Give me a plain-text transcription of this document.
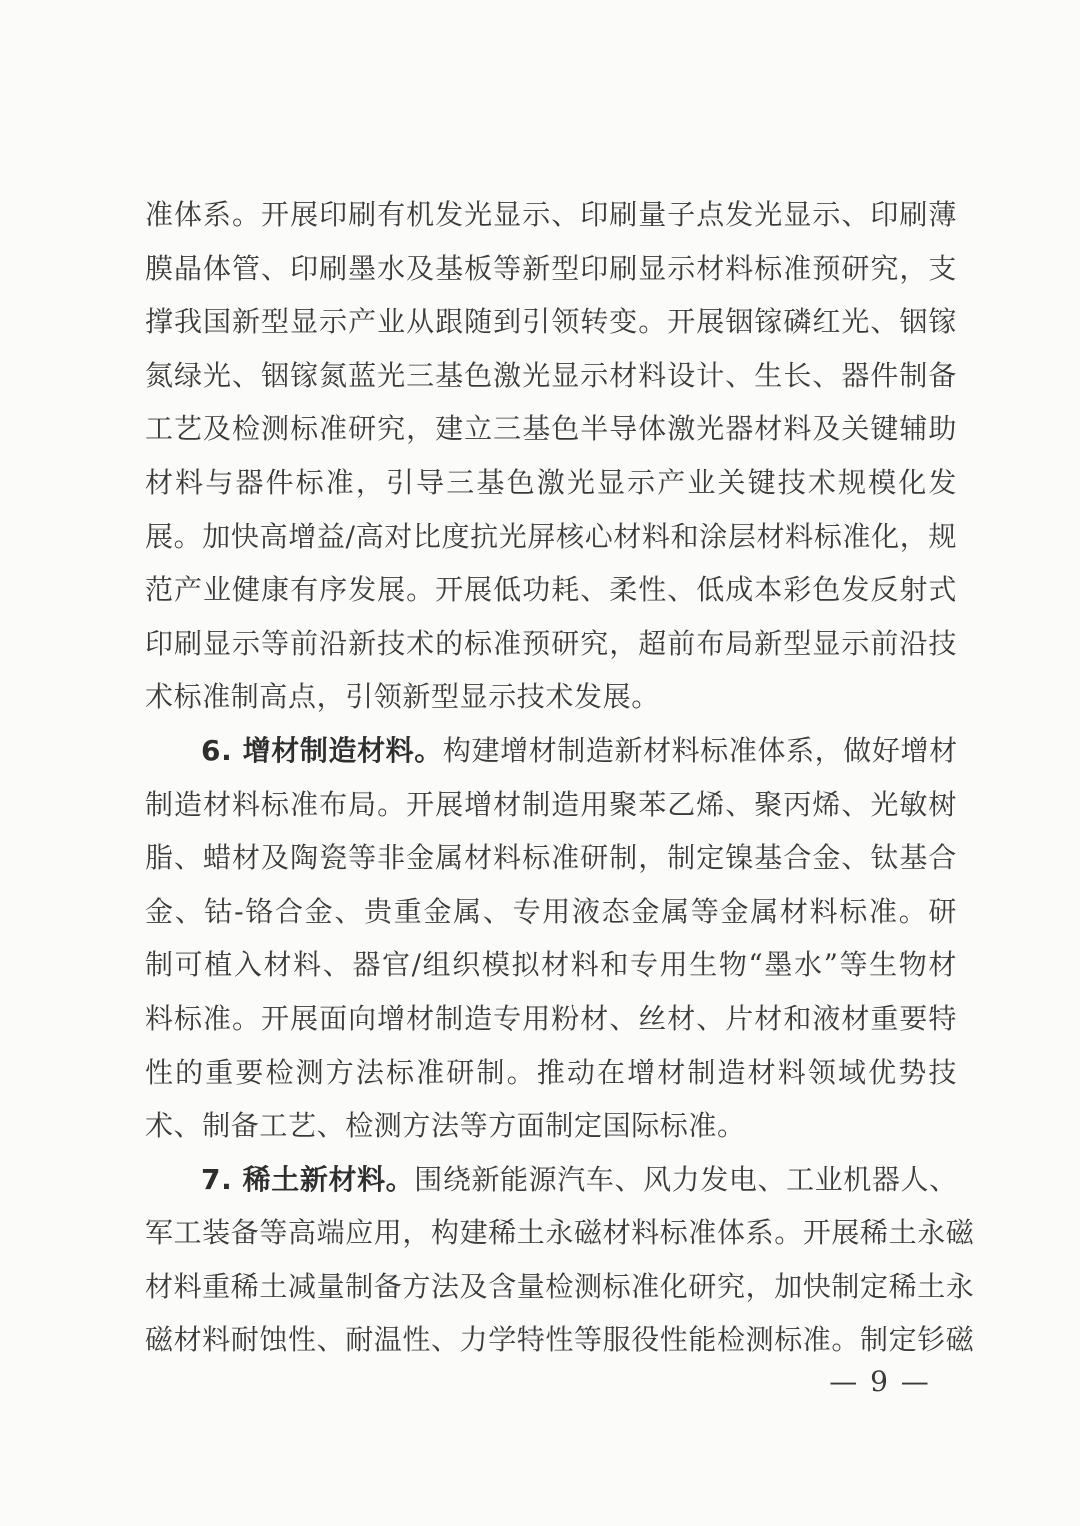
准体系。开展印刷有机发光显示、印刷量子点发光显示、印刷薄
膜晶体管、印刷墨水及基板等新型印刷显示材料标准预研究，支
撑我国新型显示产业从跟随到引领转变。开展铟镓磷红光、铟镓
氮绿光、铟镓氮蓝光三基色激光显示材料设计、生长、器件制备
工艺及检测标准研究，建立三基色半导体激光器材料及关键辅助
材料与器件标准，引导三基色激光显示产业关键技术规模化发
展。加快高增益/高对比度抗光屏核心材料和涂层材料标准化，规
范产业健康有序发展。开展低功耗、柔性、低成本彩色发反射式
印刷显示等前沿新技术的标准预研究，超前布局新型显示前沿技
术标准制高点，引领新型显示技术发展。
6. 增材制造材料。构建增材制造新材料标准体系，做好增材
制造材料标准布局。开展增材制造用聚苯乙烯、聚丙烯、光敏树
脂、蜡材及陶瓷等非金属材料标准研制，制定镍基合金、钛基合
金、钴-铬合金、贵重金属、专用液态金属等金属材料标准。研
制可植入材料、器官/组织模拟材料和专用生物“墨水”等生物材
料标准。开展面向增材制造专用粉材、丝材、片材和液材重要特
性的重要检测方法标准研制。推动在增材制造材料领域优势技
术、制备工艺、检测方法等方面制定国际标准。
7. 稀土新材料。围绕新能源汽车、风力发电、工业机器人、
军工装备等高端应用，构建稀土永磁材料标准体系。开展稀土永磁
材料重稀土减量制备方法及含量检测标准化研究，加快制定稀土永
磁材料耐蚀性、耐温性、力学特性等服役性能检测标准。制定钐磁
— 9 —
